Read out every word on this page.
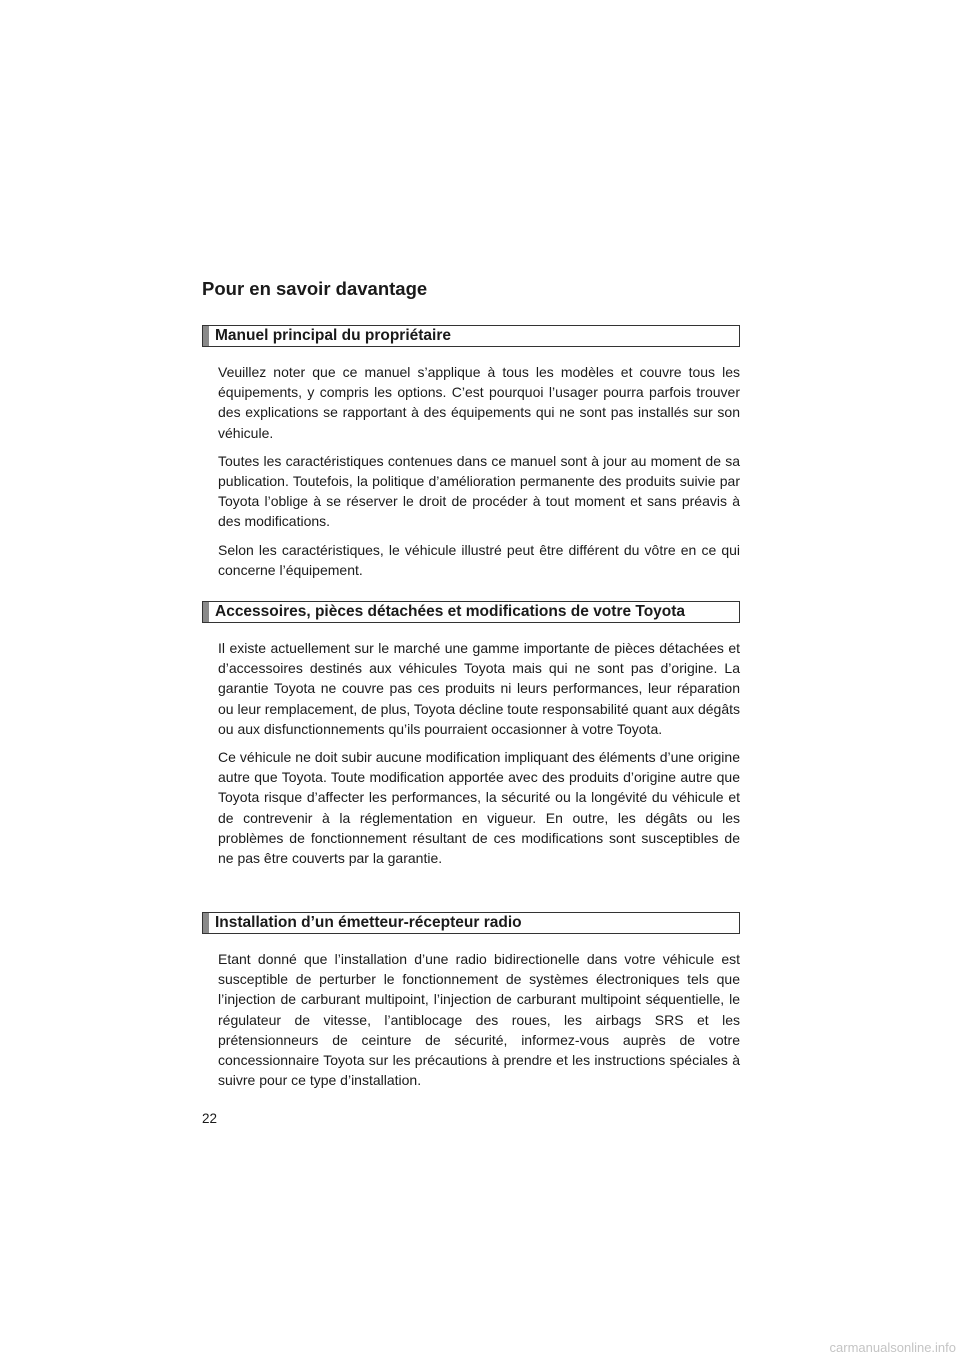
Pour en savoir davantage
Manuel principal du propriétaire

Veuillez noter que ce manuel s’applique à tous les modèles et couvre tous les équipements, y compris les options. C’est pourquoi l’usager pourra parfois trouver des explications se rapportant à des équipements qui ne sont pas installés sur son véhicule.

Toutes les caractéristiques contenues dans ce manuel sont à jour au moment de sa publication. Toutefois, la politique d’amélioration permanente des produits suivie par Toyota l’oblige à se réserver le droit de procéder à tout moment et sans préavis à des modifications.

Selon les caractéristiques, le véhicule illustré peut être différent du vôtre en ce qui concerne l’équipement.

Accessoires, pièces détachées et modifications de votre Toyota

Il existe actuellement sur le marché une gamme importante de pièces détachées et d’accessoires destinés aux véhicules Toyota mais qui ne sont pas d’origine. La garantie Toyota ne couvre pas ces produits ni leurs performances, leur réparation ou leur remplacement, de plus, Toyota décline toute responsabilité quant aux dégâts ou aux disfunctionnements qu’ils pourraient occasionner à votre Toyota.

Ce véhicule ne doit subir aucune modification impliquant des éléments d’une origine autre que Toyota. Toute modification apportée avec des produits d’origine autre que Toyota risque d’affecter les performances, la sécurité ou la longévité du véhicule et de contrevenir à la réglementation en vigueur. En outre, les dégâts ou les problèmes de fonctionnement résultant de ces modifications sont susceptibles de ne pas être couverts par la garantie.

Installation d’un émetteur-récepteur radio

Etant donné que l’installation d’une radio bidirectionelle dans votre véhicule est susceptible de perturber le fonctionnement de systèmes électroniques tels que l’injection de carburant multipoint, l’injection de carburant multipoint séquentielle, le régulateur de vitesse, l’antiblocage des roues, les airbags SRS et les prétensionneurs de ceinture de sécurité, informez-vous auprès de votre concessionnaire Toyota sur les précautions à prendre et les instructions spéciales à suivre pour ce type d’installation.

22
carmanualsonline.info
